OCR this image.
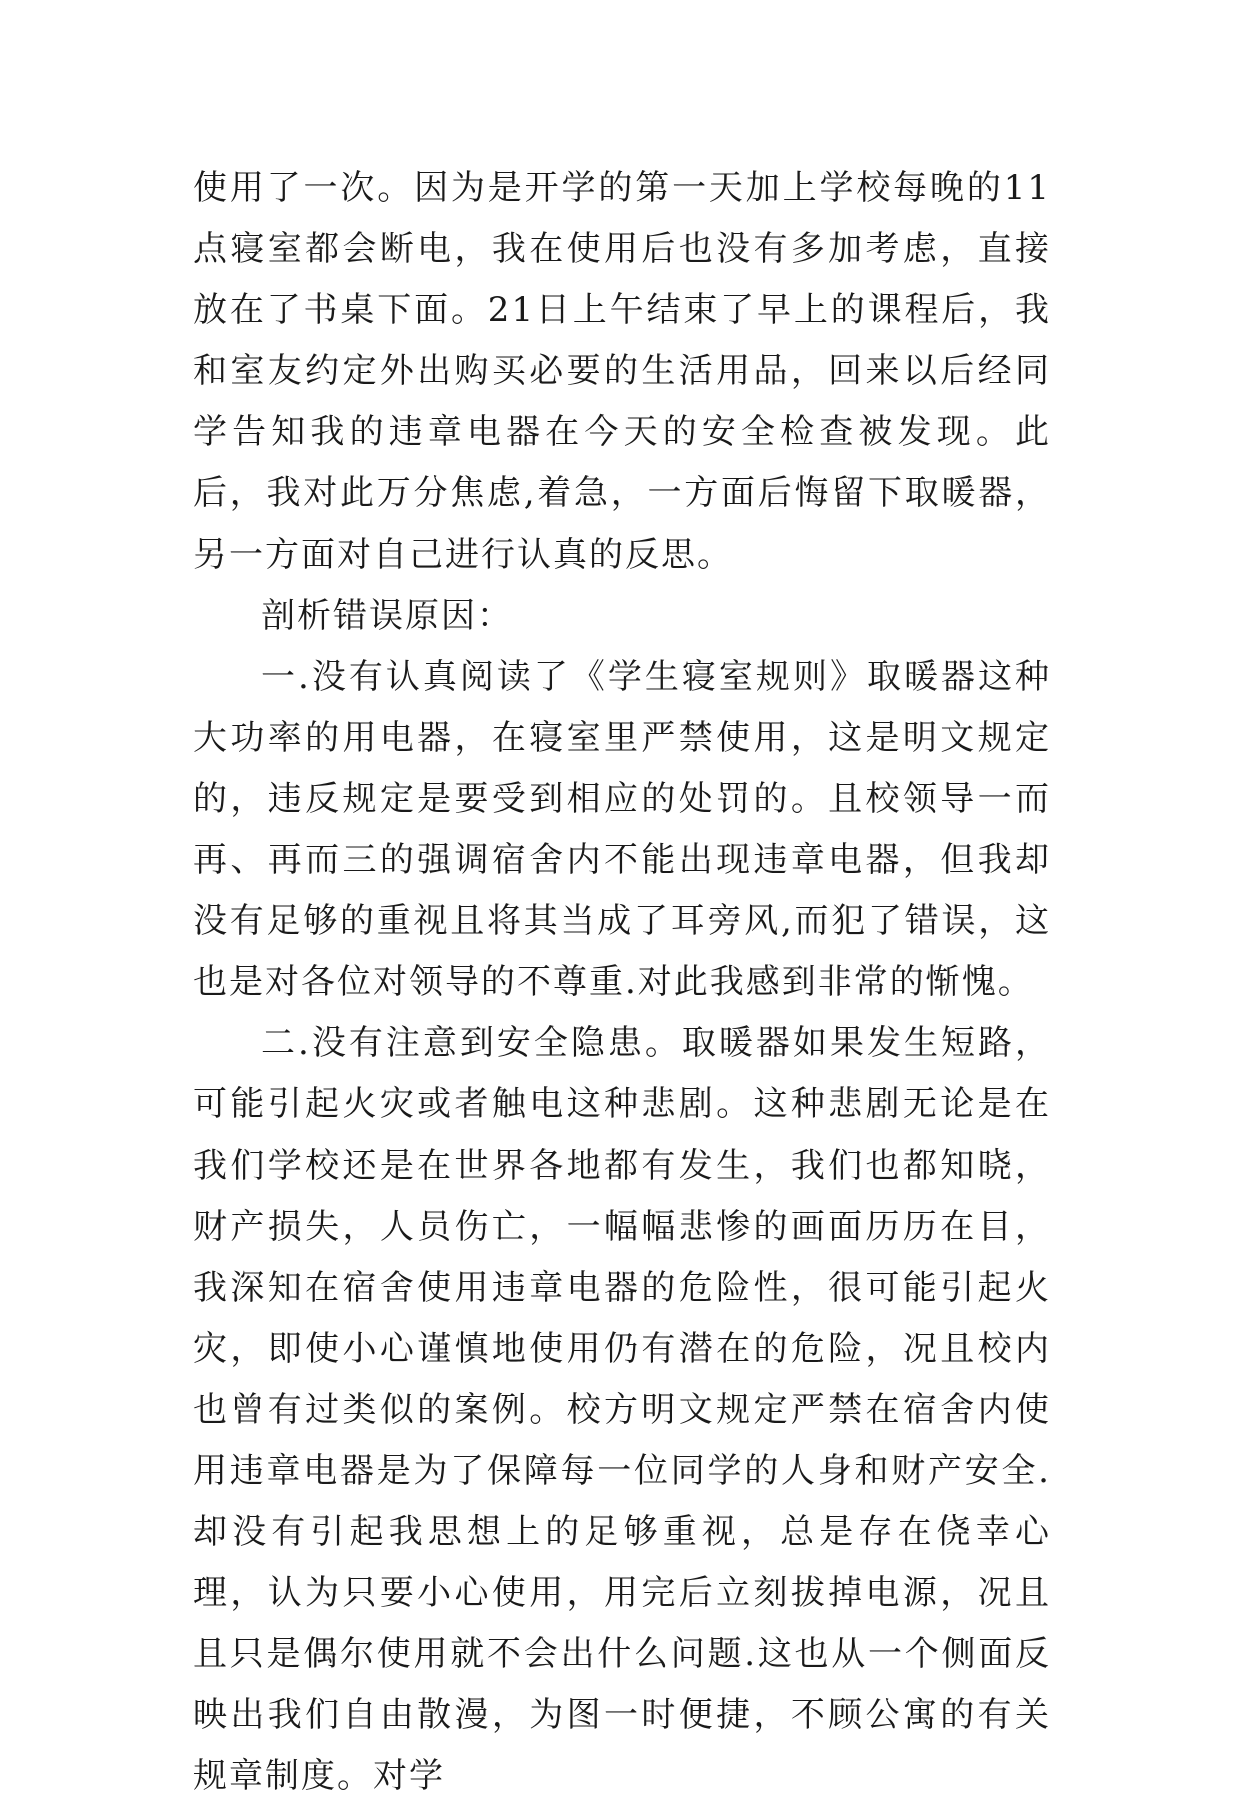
使用了一次。因为是开学的第一天加上学校每晚的11点寝室都会断电，我在使用后也没有多加考虑，直接放在了书桌下面。21日上午结束了早上的课程后，我和室友约定外出购买必要的生活用品，回来以后经同学告知我的违章电器在今天的安全检查被发现。此后，我对此万分焦虑,着急，一方面后悔留下取暖器，另一方面对自己进行认真的反思。

剖析错误原因：

一.没有认真阅读了《学生寝室规则》取暖器这种大功率的用电器，在寝室里严禁使用，这是明文规定的，违反规定是要受到相应的处罚的。且校领导一而再、再而三的强调宿舍内不能出现违章电器，但我却没有足够的重视且将其当成了耳旁风,而犯了错误，这也是对各位对领导的不尊重.对此我感到非常的惭愧。

二.没有注意到安全隐患。取暖器如果发生短路，可能引起火灾或者触电这种悲剧。这种悲剧无论是在我们学校还是在世界各地都有发生，我们也都知晓，财产损失，人员伤亡，一幅幅悲惨的画面历历在目，我深知在宿舍使用违章电器的危险性，很可能引起火灾，即使小心谨慎地使用仍有潜在的危险，况且校内也曾有过类似的案例。校方明文规定严禁在宿舍内使用违章电器是为了保障每一位同学的人身和财产安全.却没有引起我思想上的足够重视，总是存在侥幸心理，认为只要小心使用，用完后立刻拔掉电源，况且且只是偶尔使用就不会出什么问题.这也从一个侧面反映出我们自由散漫，为图一时便捷，不顾公寓的有关规章制度。对学
